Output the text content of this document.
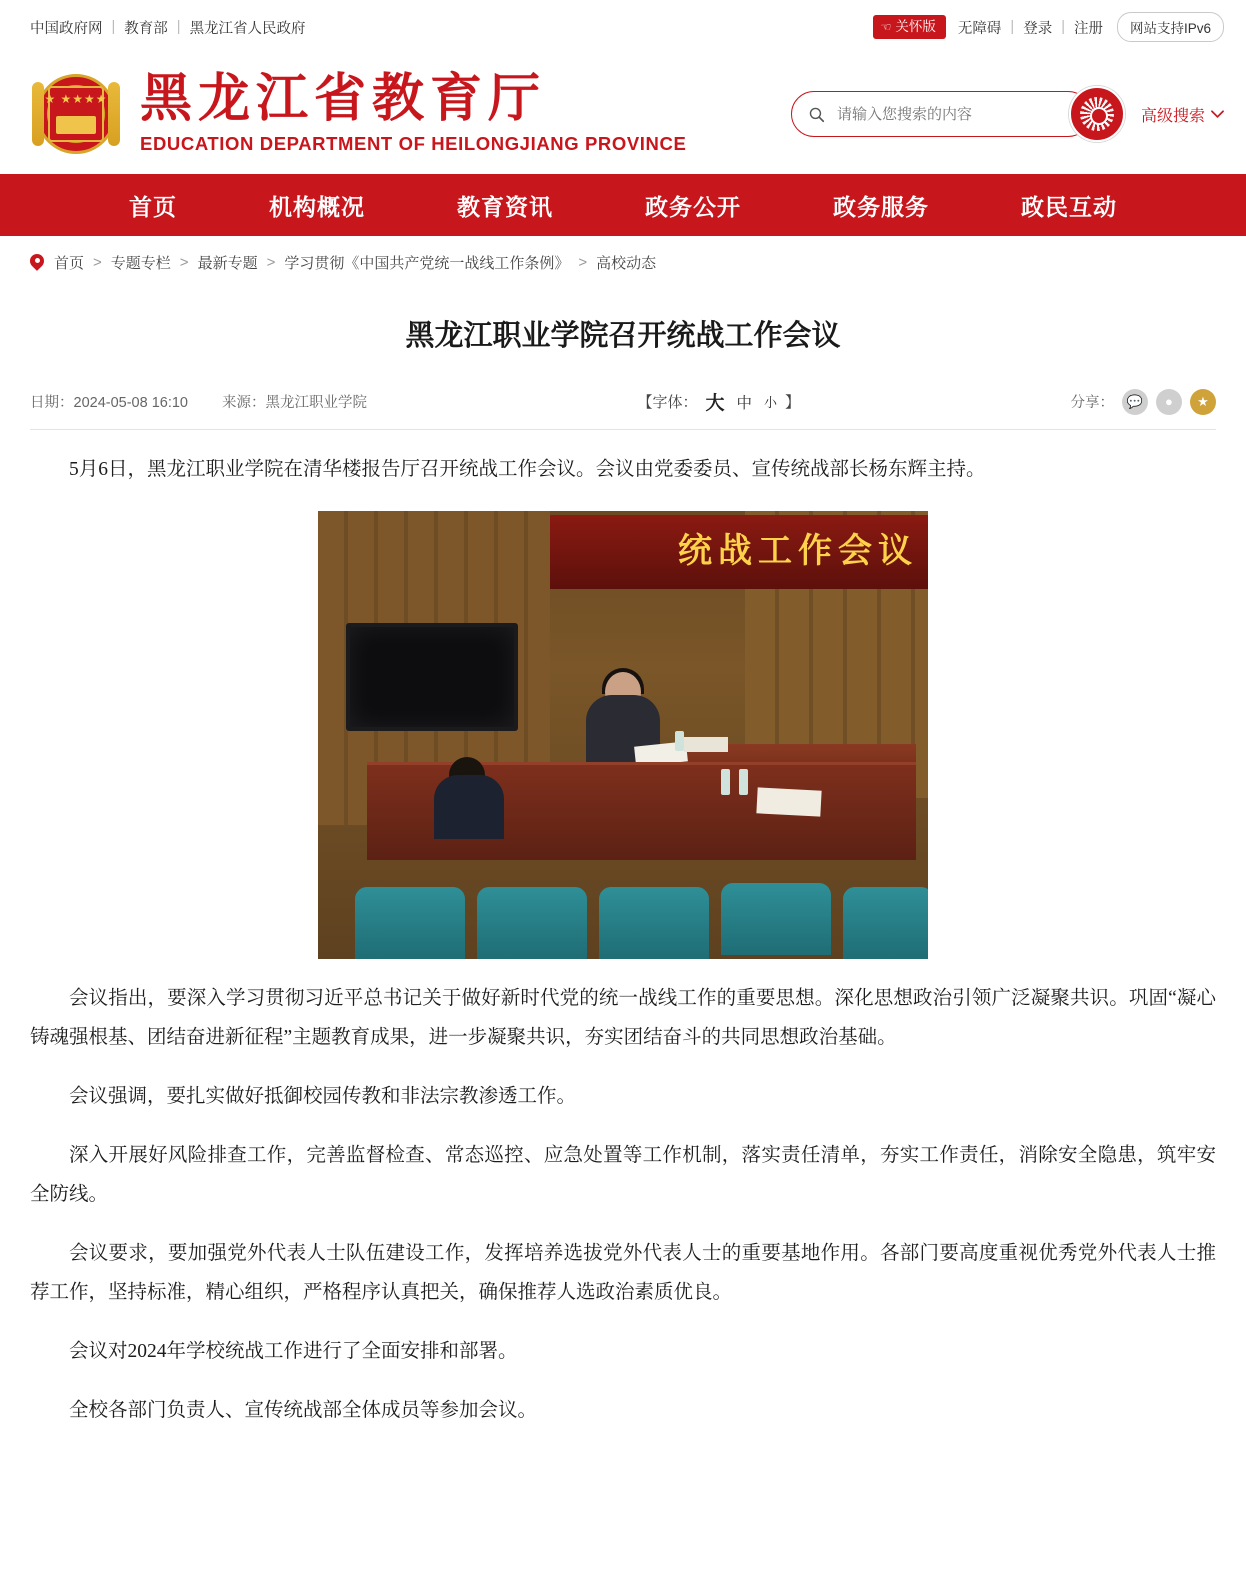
中国政府网 | 教育部 | 黑龙江省人民政府	☜ 关怀版 无障碍 | 登录 | 注册	网站支持IPv6
★ ★★★★ 黑龙江省教育厅
EDUCATION DEPARTMENT OF HEILONGJIANG PROVINCE
请输入您搜索的内容
高级搜索
首页	机构概况	教育资讯	政务公开	政务服务	政民互动
首页 > 专题专栏 > 最新专题 > 学习贯彻《中国共产党统一战线工作条例》 > 高校动态
黑龙江职业学院召开统战工作会议
日期：2024-05-08 16:10 来源：黑龙江职业学院	【字体： 大 中 小 】	分享： 💬	●	★

5月6日，黑龙江职业学院在清华楼报告厅召开统战工作会议。会议由党委委员、宣传统战部长杨东辉主持。

统战工作会议

会议指出，要深入学习贯彻习近平总书记关于做好新时代党的统一战线工作的重要思想。深化思想政治引领广泛凝聚共识。巩固“凝心铸魂强根基、团结奋进新征程”主题教育成果，进一步凝聚共识，夯实团结奋斗的共同思想政治基础。

会议强调，要扎实做好抵御校园传教和非法宗教渗透工作。

深入开展好风险排查工作，完善监督检查、常态巡控、应急处置等工作机制，落实责任清单，夯实工作责任，消除安全隐患，筑牢安全防线。

会议要求，要加强党外代表人士队伍建设工作，发挥培养选拔党外代表人士的重要基地作用。各部门要高度重视优秀党外代表人士推荐工作，坚持标准，精心组织，严格程序认真把关，确保推荐人选政治素质优良。

会议对2024年学校统战工作进行了全面安排和部署。

全校各部门负责人、宣传统战部全体成员等参加会议。
